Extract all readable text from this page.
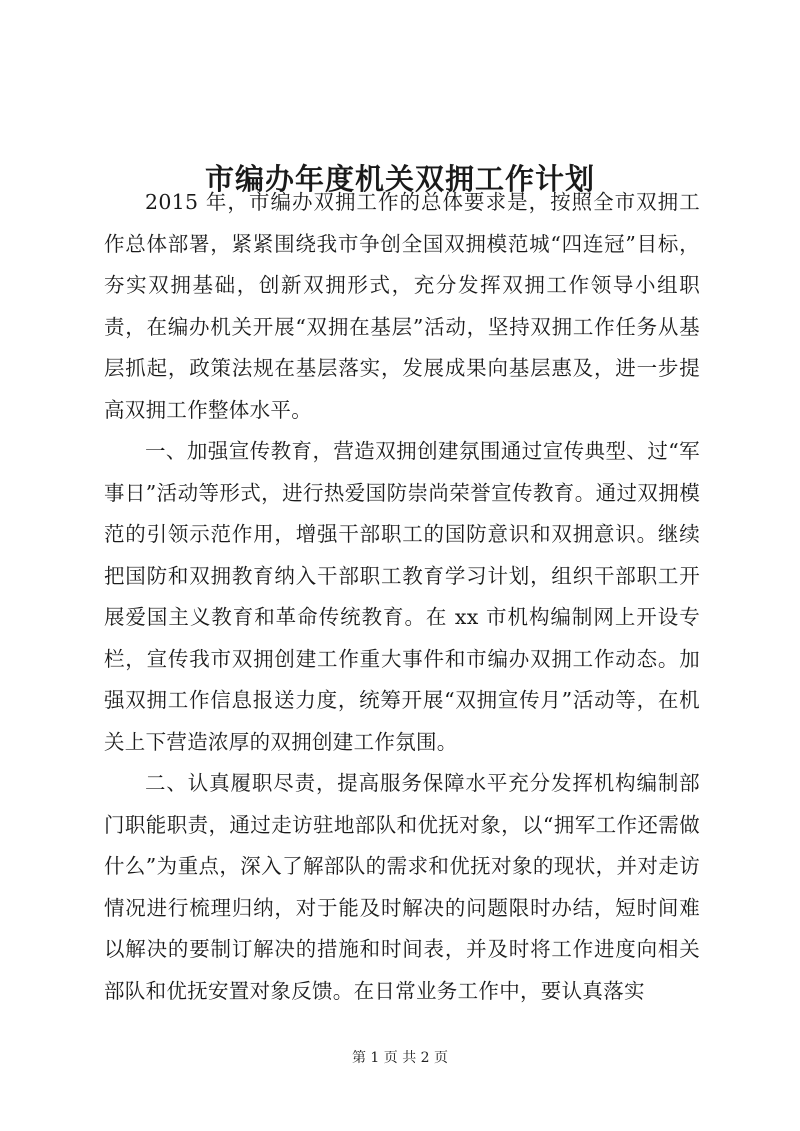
市编办年度机关双拥工作计划

2015 年，市编办双拥工作的总体要求是，按照全市双拥工作总体部署，紧紧围绕我市争创全国双拥模范城“四连冠”目标，夯实双拥基础，创新双拥形式，充分发挥双拥工作领导小组职责，在编办机关开展“双拥在基层”活动，坚持双拥工作任务从基层抓起，政策法规在基层落实，发展成果向基层惠及，进一步提高双拥工作整体水平。

一、加强宣传教育，营造双拥创建氛围通过宣传典型、过“军事日”活动等形式，进行热爱国防崇尚荣誉宣传教育。通过双拥模范的引领示范作用，增强干部职工的国防意识和双拥意识。继续把国防和双拥教育纳入干部职工教育学习计划，组织干部职工开展爱国主义教育和革命传统教育。在 xx 市机构编制网上开设专栏，宣传我市双拥创建工作重大事件和市编办双拥工作动态。加强双拥工作信息报送力度，统筹开展“双拥宣传月”活动等，在机关上下营造浓厚的双拥创建工作氛围。

二、认真履职尽责，提高服务保障水平充分发挥机构编制部门职能职责，通过走访驻地部队和优抚对象，以“拥军工作还需做什么”为重点，深入了解部队的需求和优抚对象的现状，并对走访情况进行梳理归纳，对于能及时解决的问题限时办结，短时间难以解决的要制订解决的措施和时间表，并及时将工作进度向相关部队和优抚安置对象反馈。在日常业务工作中，要认真落实

第 1 页 共 2 页
